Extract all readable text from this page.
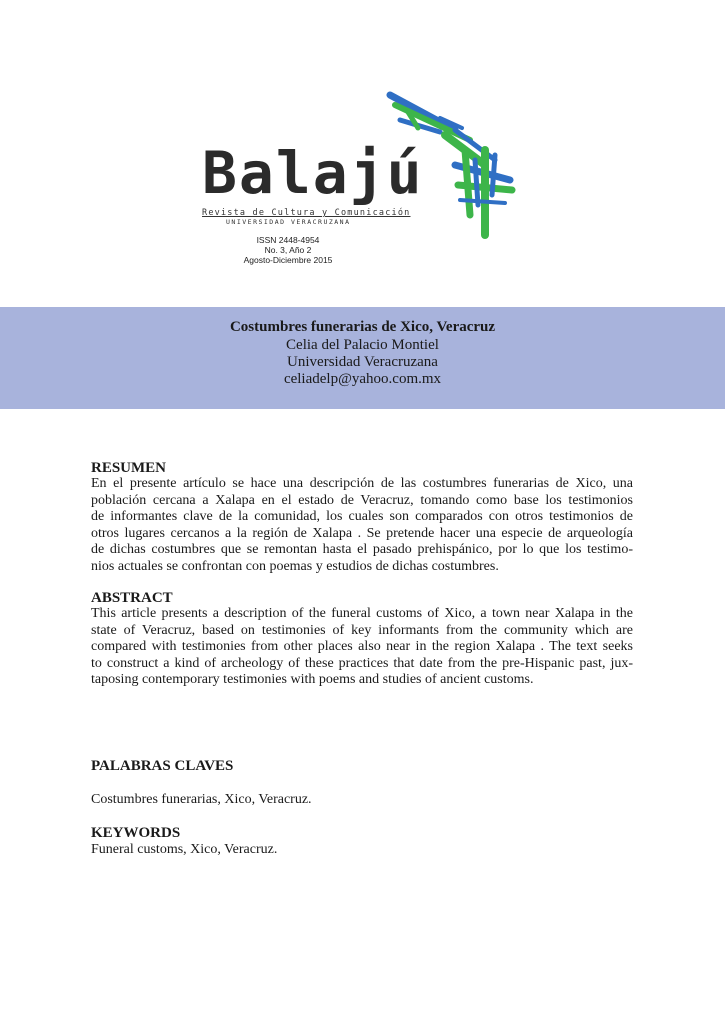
Balajú

Revista de Cultura y Comunicación

UNIVERSIDAD VERACRUZANA

ISSN 2448-4954
No. 3, Año 2
Agosto-Diciembre 2015

Costumbres funerarias de Xico, Veracruz

Celia del Palacio Montiel

Universidad Veracruzana

celiadelp@yahoo.com.mx

RESUMEN

En el presente artículo se hace una descripción de las costumbres funerarias de Xico, una
población cercana a Xalapa en el estado de Veracruz, tomando como base los testimonios
de informantes clave de la comunidad, los cuales son comparados con otros testimonios de
otros lugares cercanos a la región de Xalapa . Se pretende hacer una especie de arqueología
de dichas costumbres que se remontan hasta el pasado prehispánico, por lo que los testimo-
nios actuales se confrontan con poemas y estudios de dichas costumbres.

ABSTRACT

This article presents a description of the funeral customs of Xico, a town near Xalapa in the
state of Veracruz, based on testimonies of key informants from the community which are
compared with testimonies from other places also near in the region Xalapa . The text seeks
to construct a kind of archeology of these practices that date from the pre-Hispanic past, jux-
taposing contemporary testimonies with poems and studies of ancient customs.

PALABRAS CLAVES

Costumbres funerarias, Xico, Veracruz.

KEYWORDS

Funeral customs, Xico, Veracruz.
